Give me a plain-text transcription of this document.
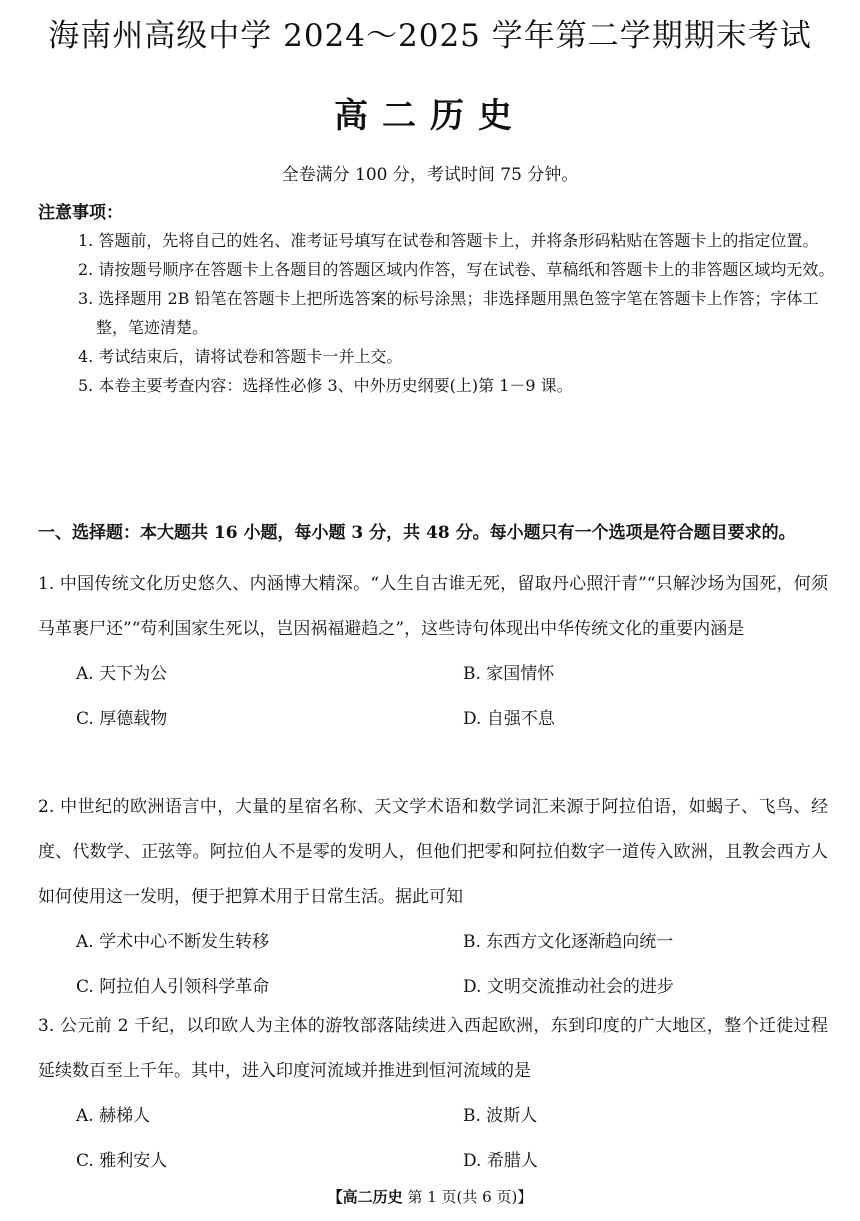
海南州高级中学 2024～2025 学年第二学期期末考试
高二历史
全卷满分 100 分，考试时间 75 分钟。
注意事项：
1. 答题前，先将自己的姓名、准考证号填写在试卷和答题卡上，并将条形码粘贴在答题卡上的指定位置。
2. 请按题号顺序在答题卡上各题目的答题区域内作答，写在试卷、草稿纸和答题卡上的非答题区域均无效。
3. 选择题用 2B 铅笔在答题卡上把所选答案的标号涂黑；非选择题用黑色签字笔在答题卡上作答；字体工整，笔迹清楚。
4. 考试结束后，请将试卷和答题卡一并上交。
5. 本卷主要考查内容：选择性必修 3、中外历史纲要(上)第 1－9 课。
一、选择题：本大题共 16 小题，每小题 3 分，共 48 分。每小题只有一个选项是符合题目要求的。
1. 中国传统文化历史悠久、内涵博大精深。“人生自古谁无死，留取丹心照汗青”“只解沙场为国死，何须马革裹尸还”“苟利国家生死以，岂因祸福避趋之”，这些诗句体现出中华传统文化的重要内涵是
A. 天下为公	B. 家国情怀
C. 厚德载物	D. 自强不息
2. 中世纪的欧洲语言中，大量的星宿名称、天文学术语和数学词汇来源于阿拉伯语，如蝎子、飞鸟、经度、代数学、正弦等。阿拉伯人不是零的发明人，但他们把零和阿拉伯数字一道传入欧洲，且教会西方人如何使用这一发明，便于把算术用于日常生活。据此可知
A. 学术中心不断发生转移	B. 东西方文化逐渐趋向统一
C. 阿拉伯人引领科学革命	D. 文明交流推动社会的进步
3. 公元前 2 千纪，以印欧人为主体的游牧部落陆续进入西起欧洲，东到印度的广大地区，整个迁徙过程延续数百至上千年。其中，进入印度河流域并推进到恒河流域的是
A. 赫梯人	B. 波斯人
C. 雅利安人	D. 希腊人
【高二历史 第 1 页(共 6 页)】
